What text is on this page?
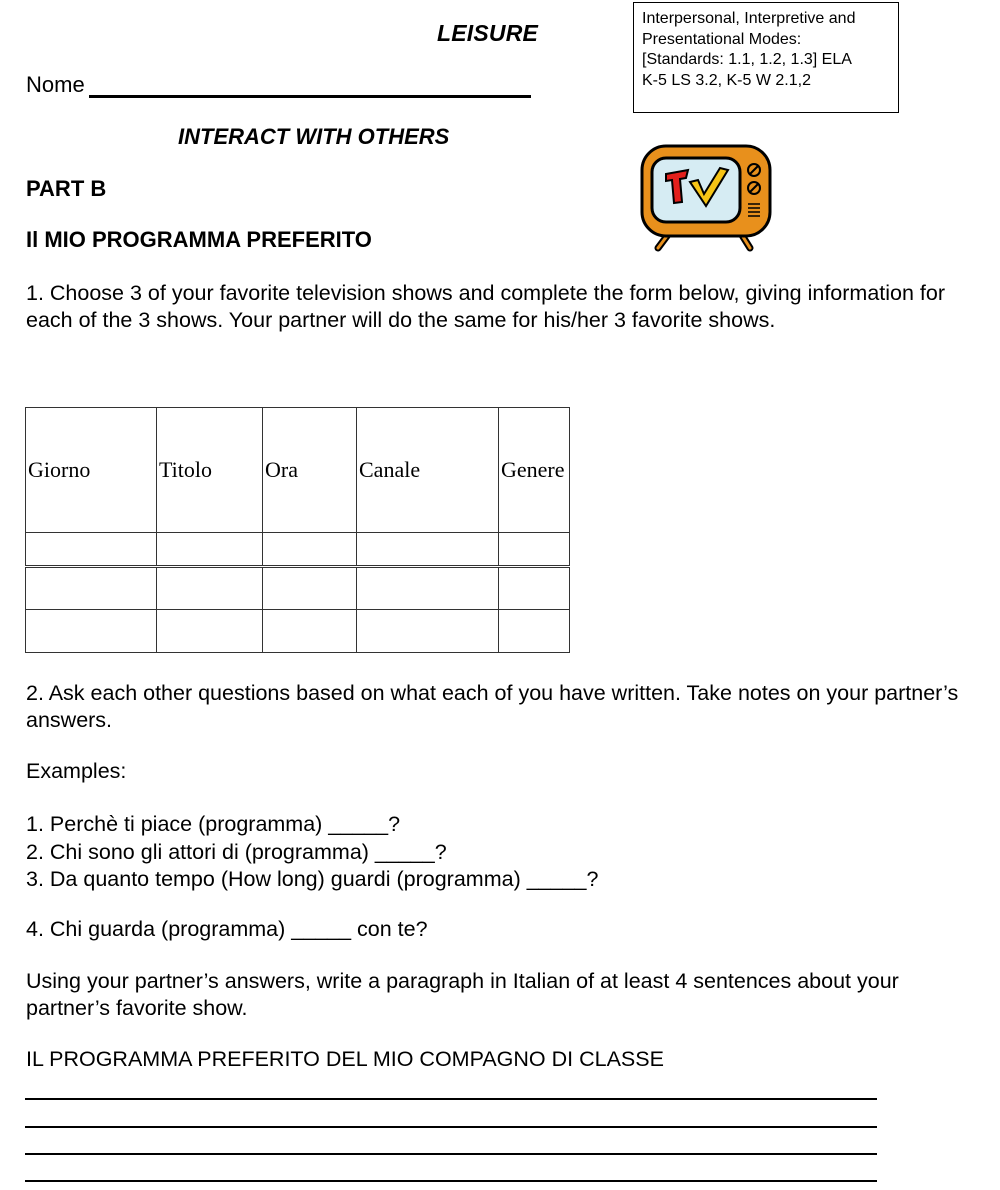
LEISURE
Nome
Interpersonal, Interpretive and
Presentational Modes:
[Standards: 1.1, 1.2, 1.3] ELA
K-5 LS 3.2, K-5 W 2.1,2
INTERACT WITH OTHERS
PART B
Il MIO PROGRAMMA PREFERITO
1. Choose 3 of your favorite television shows and complete the form below, giving information for each of the 3 shows. Your partner will do the same for his/her 3 favorite shows.
Giorno	Titolo	Ora	Canale	Genere

2. Ask each other questions based on what each of you have written. Take notes on your partner’s answers.
Examples:
1. Perchè ti piace (programma) _____?
2. Chi sono gli attori di (programma) _____?
3. Da quanto tempo (How long) guardi (programma) _____?
4. Chi guarda (programma) _____ con te?
Using your partner’s answers, write a paragraph in Italian of at least 4 sentences about your partner’s favorite show.
IL PROGRAMMA PREFERITO DEL MIO COMPAGNO DI CLASSE
